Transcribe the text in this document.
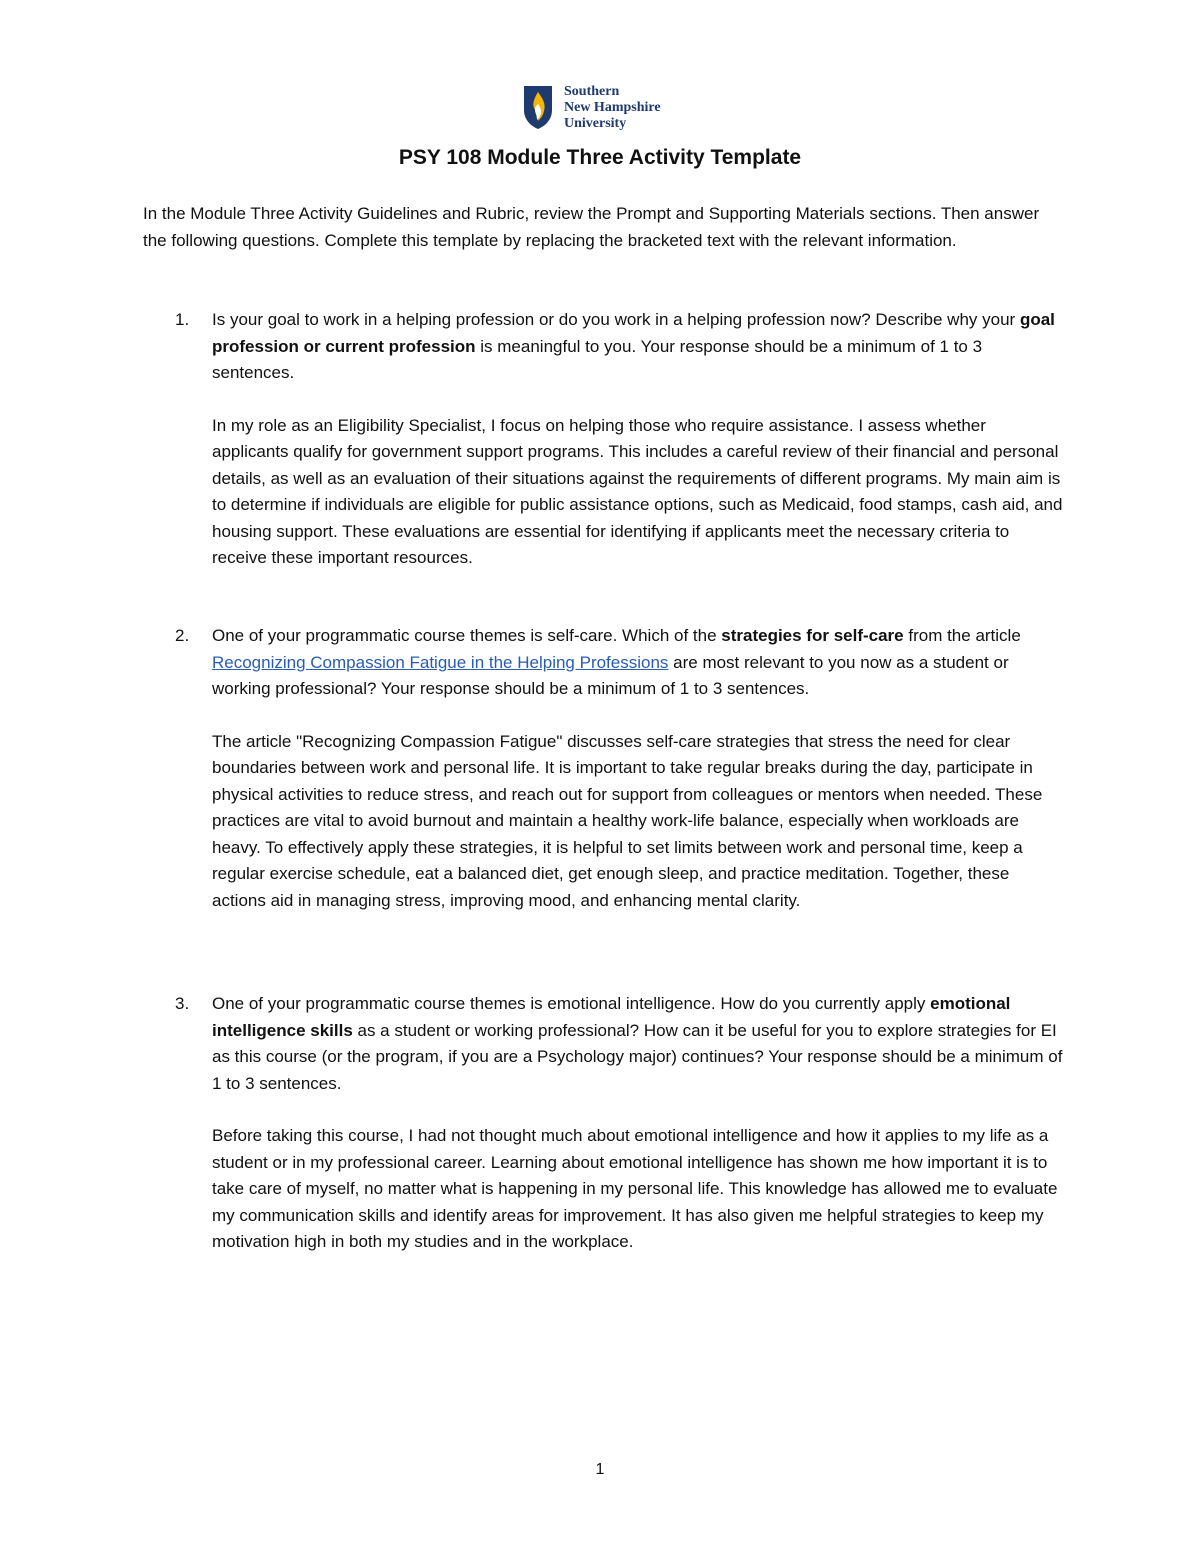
Southern
New Hampshire
University
PSY 108 Module Three Activity Template

In the Module Three Activity Guidelines and Rubric, review the Prompt and Supporting Materials sections. Then answer the following questions. Complete this template by replacing the bracketed text with the relevant information.

1. Is your goal to work in a helping profession or do you work in a helping profession now? Describe why your goal profession or current profession is meaningful to you. Your response should be a minimum of 1 to 3 sentences.

In my role as an Eligibility Specialist, I focus on helping those who require assistance. I assess whether applicants qualify for government support programs. This includes a careful review of their financial and personal details, as well as an evaluation of their situations against the requirements of different programs. My main aim is to determine if individuals are eligible for public assistance options, such as Medicaid, food stamps, cash aid, and housing support. These evaluations are essential for identifying if applicants meet the necessary criteria to receive these important resources.

2. One of your programmatic course themes is self-care. Which of the strategies for self-care from the article Recognizing Compassion Fatigue in the Helping Professions are most relevant to you now as a student or working professional? Your response should be a minimum of 1 to 3 sentences.

The article "Recognizing Compassion Fatigue" discusses self-care strategies that stress the need for clear boundaries between work and personal life. It is important to take regular breaks during the day, participate in physical activities to reduce stress, and reach out for support from colleagues or mentors when needed. These practices are vital to avoid burnout and maintain a healthy work-life balance, especially when workloads are heavy. To effectively apply these strategies, it is helpful to set limits between work and personal time, keep a regular exercise schedule, eat a balanced diet, get enough sleep, and practice meditation. Together, these actions aid in managing stress, improving mood, and enhancing mental clarity.

3. One of your programmatic course themes is emotional intelligence. How do you currently apply emotional intelligence skills as a student or working professional? How can it be useful for you to explore strategies for EI as this course (or the program, if you are a Psychology major) continues? Your response should be a minimum of 1 to 3 sentences.

Before taking this course, I had not thought much about emotional intelligence and how it applies to my life as a student or in my professional career. Learning about emotional intelligence has shown me how important it is to take care of myself, no matter what is happening in my personal life. This knowledge has allowed me to evaluate my communication skills and identify areas for improvement. It has also given me helpful strategies to keep my motivation high in both my studies and in the workplace.

1
